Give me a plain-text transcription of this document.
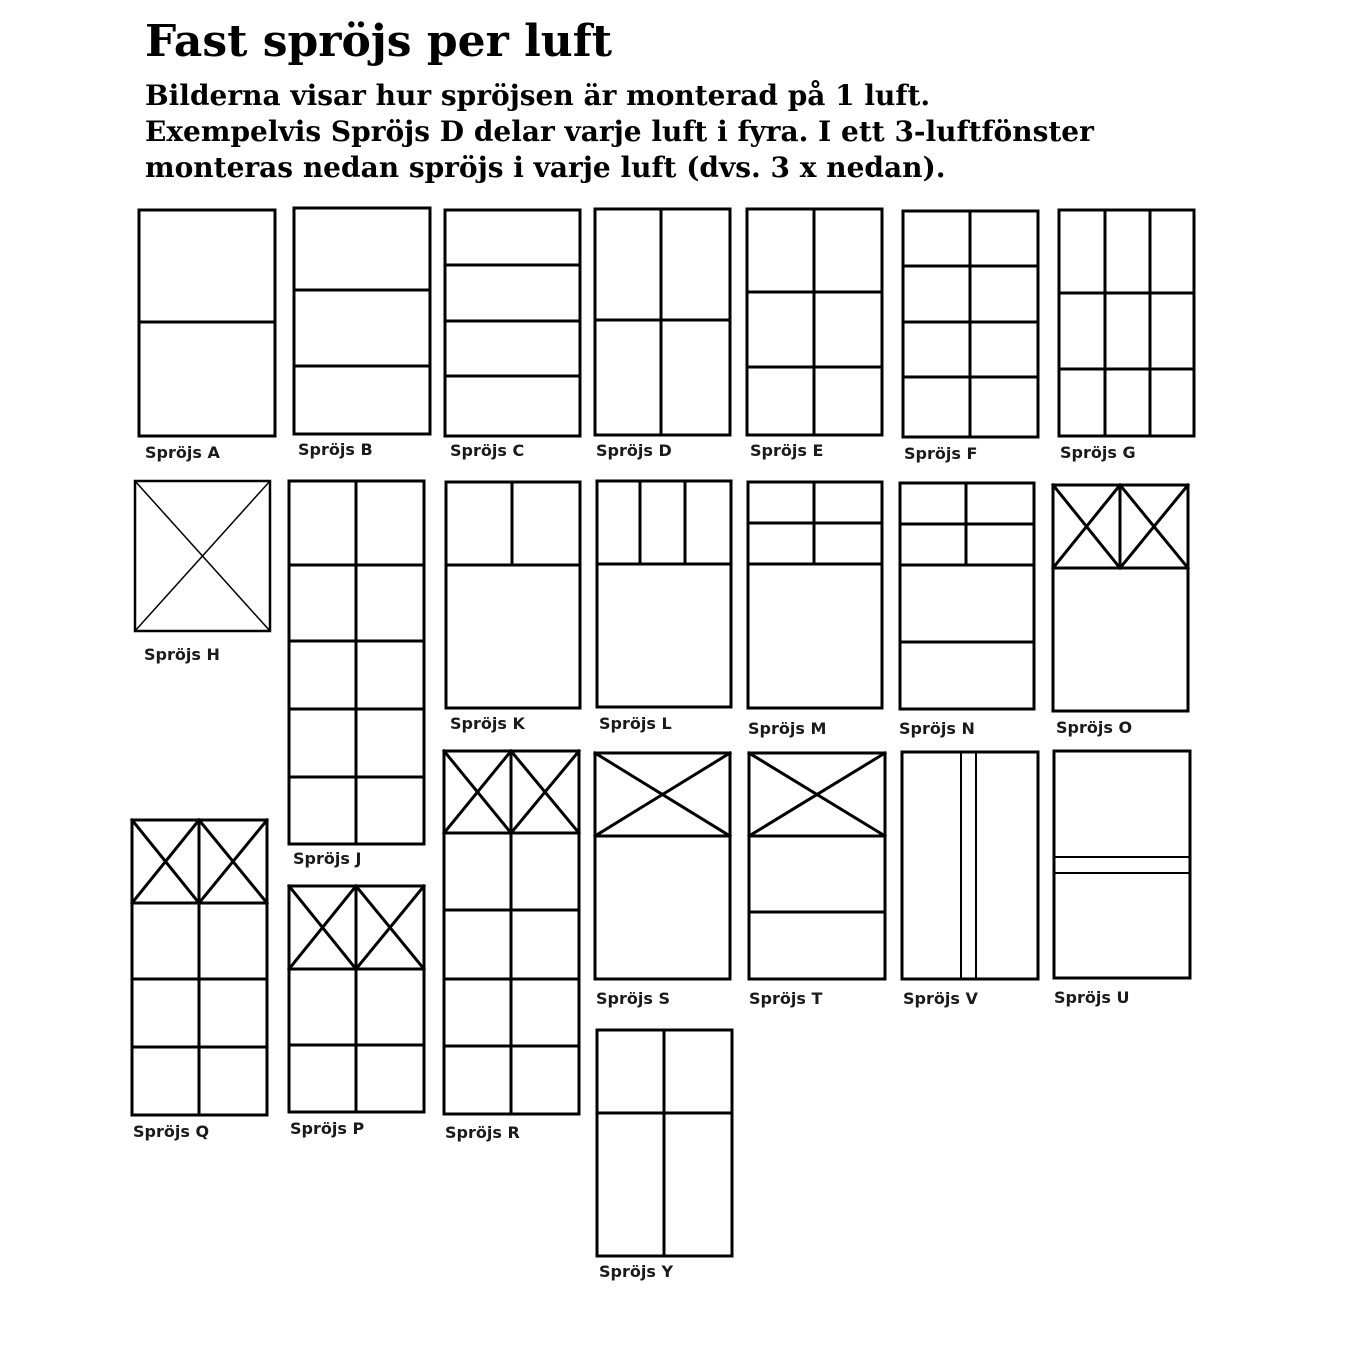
Fast spröjs per luft
Bilderna visar hur spröjsen är monterad på 1 luft.
Exempelvis Spröjs D delar varje luft i fyra. I ett 3-luftfönster
monteras nedan spröjs i varje luft (dvs. 3 x nedan).
Spröjs A	Spröjs B	Spröjs C	Spröjs D	Spröjs E	Spröjs F	Spröjs G
Spröjs H
Spröjs J
Spröjs K	Spröjs L	Spröjs M	Spröjs N	Spröjs O
Spröjs Q	Spröjs P	Spröjs R
Spröjs S	Spröjs T	Spröjs V	Spröjs U
Spröjs Y
